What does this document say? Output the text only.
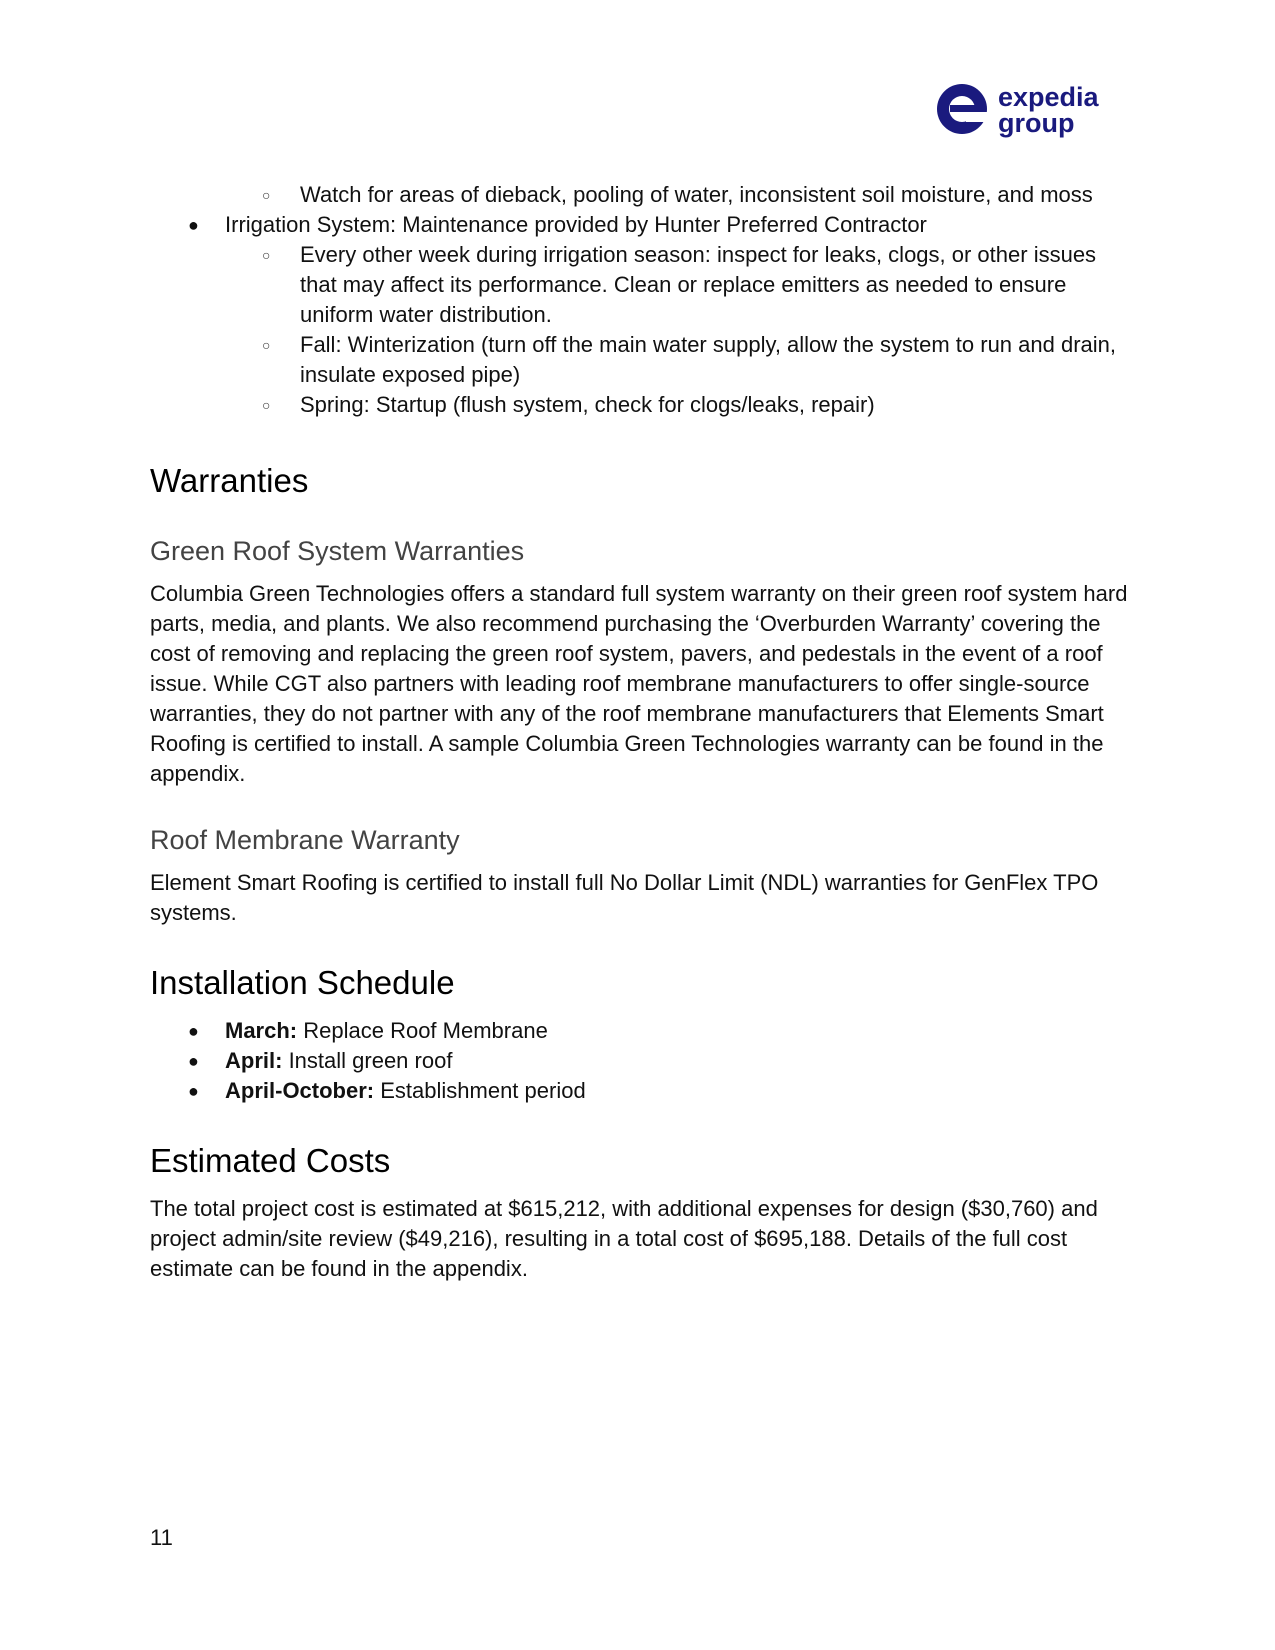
expedia
group
○ Watch for areas of dieback, pooling of water, inconsistent soil moisture, and moss
● Irrigation System: Maintenance provided by Hunter Preferred Contractor
○ Every other week during irrigation season: inspect for leaks, clogs, or other issues that may affect its performance. Clean or replace emitters as needed to ensure uniform water distribution.
○ Fall: Winterization (turn off the main water supply, allow the system to run and drain, insulate exposed pipe)
○ Spring: Startup (flush system, check for clogs/leaks, repair)
Warranties
Green Roof System Warranties

Columbia Green Technologies offers a standard full system warranty on their green roof system hard parts, media, and plants. We also recommend purchasing the ‘Overburden Warranty’ covering the cost of removing and replacing the green roof system, pavers, and pedestals in the event of a roof issue. While CGT also partners with leading roof membrane manufacturers to offer single-source warranties, they do not partner with any of the roof membrane manufacturers that Elements Smart Roofing is certified to install. A sample Columbia Green Technologies warranty can be found in the appendix.

Roof Membrane Warranty

Element Smart Roofing is certified to install full No Dollar Limit (NDL) warranties for GenFlex TPO systems.

Installation Schedule
● March: Replace Roof Membrane
● April: Install green roof
● April-October: Establishment period
Estimated Costs

The total project cost is estimated at $615,212, with additional expenses for design ($30,760) and project admin/site review ($49,216), resulting in a total cost of $695,188. Details of the full cost estimate can be found in the appendix.

11
